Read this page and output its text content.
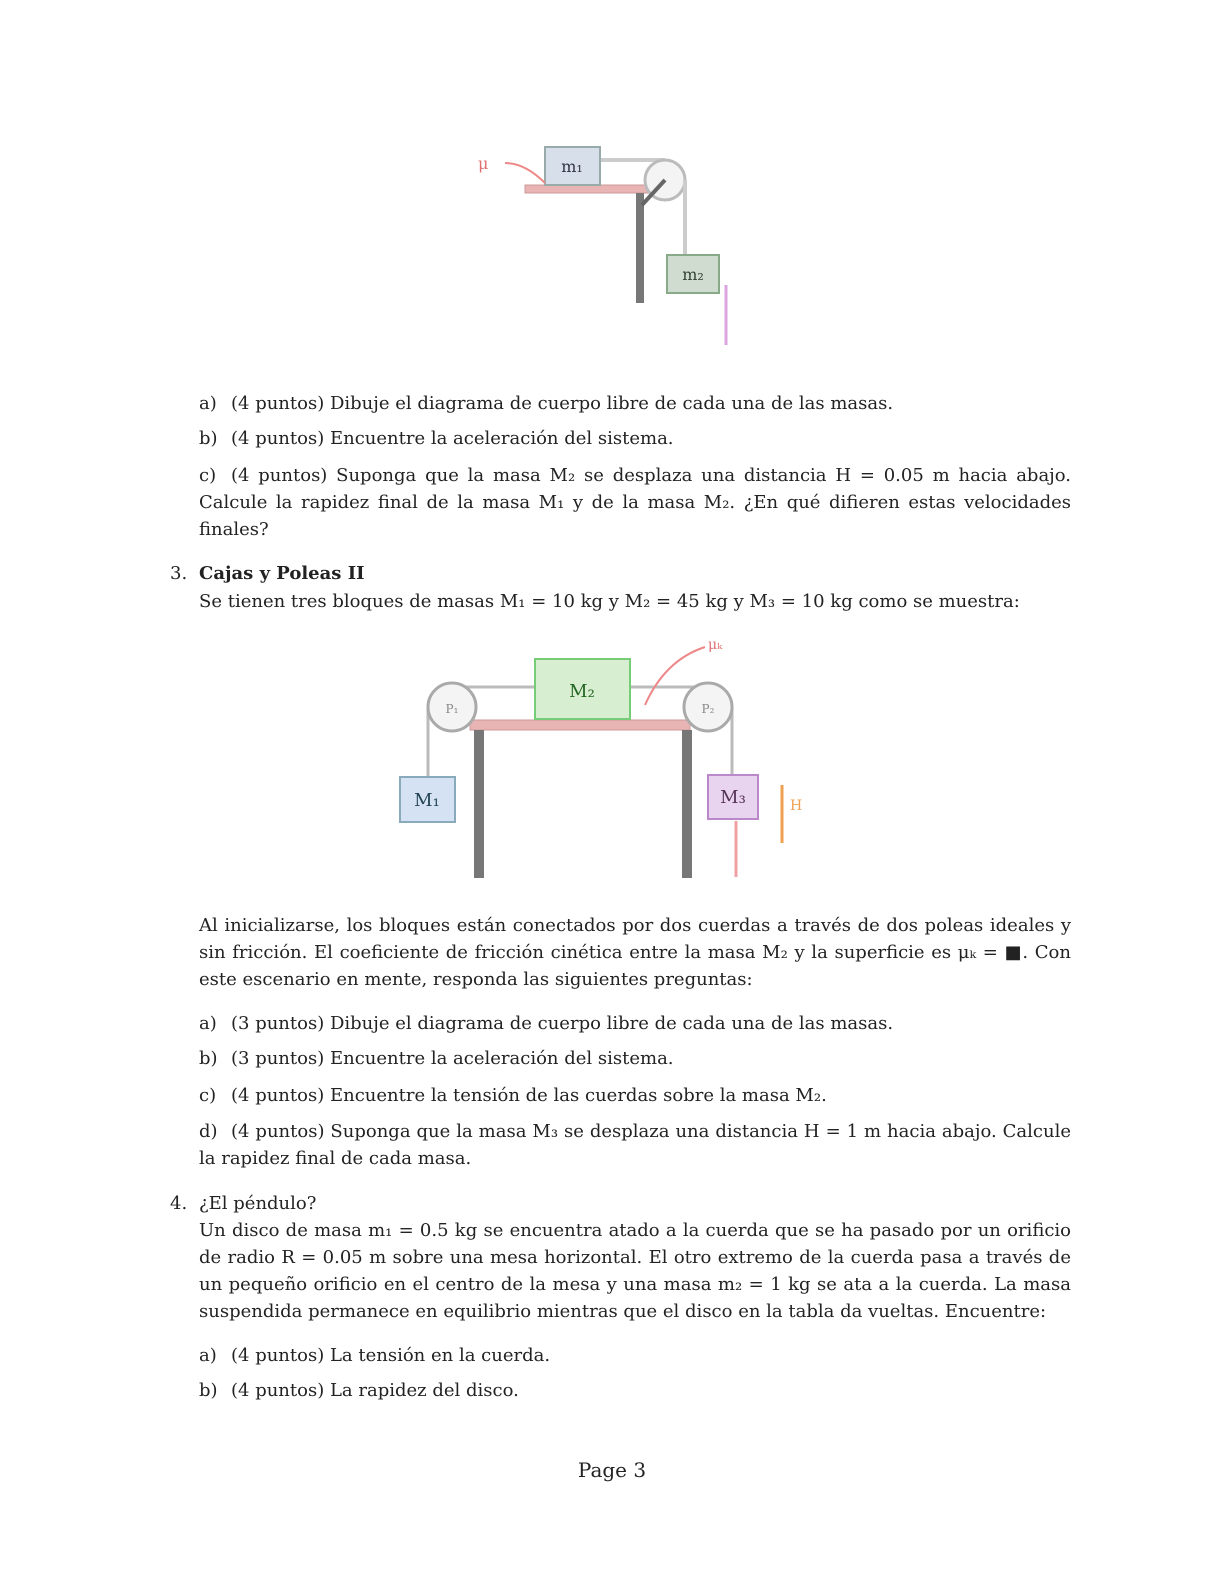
m₁
m₂
μ
a) (4 puntos) Dibuje el diagrama de cuerpo libre de cada una de las masas.
b) (4 puntos) Encuentre la aceleración del sistema.
c) (4 puntos) Suponga que la masa M₂ se desplaza una distancia H = 0.05 m hacia abajo. Calcule la rapidez final de la masa M₁ y de la masa M₂. ¿En qué difieren estas velocidades finales?
3. Cajas y Poleas II
Se tienen tres bloques de masas M₁ = 10 kg y M₂ = 45 kg y M₃ = 10 kg como se muestra:
P₁	P₂
M₂
M₁	M₃
μₖ
H
Al inicializarse, los bloques están conectados por dos cuerdas a través de dos poleas ideales y sin fricción. El coeficiente de fricción cinética entre la masa M₂ y la superficie es μₖ = ■. Con este escenario en mente, responda las siguientes preguntas:
a) (3 puntos) Dibuje el diagrama de cuerpo libre de cada una de las masas.
b) (3 puntos) Encuentre la aceleración del sistema.
c) (4 puntos) Encuentre la tensión de las cuerdas sobre la masa M₂.
d) (4 puntos) Suponga que la masa M₃ se desplaza una distancia H = 1 m hacia abajo. Calcule la rapidez final de cada masa.
4. ¿El péndulo?
Un disco de masa m₁ = 0.5 kg se encuentra atado a la cuerda que se ha pasado por un orificio de radio R = 0.05 m sobre una mesa horizontal. El otro extremo de la cuerda pasa a través de un pequeño orificio en el centro de la mesa y una masa m₂ = 1 kg se ata a la cuerda. La masa suspendida permanece en equilibrio mientras que el disco en la tabla da vueltas. Encuentre:
a) (4 puntos) La tensión en la cuerda.
b) (4 puntos) La rapidez del disco.
Page 3
